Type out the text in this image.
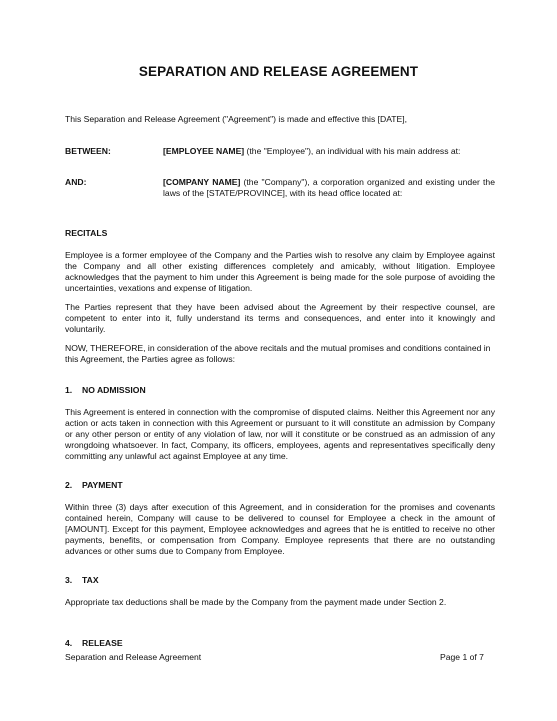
SEPARATION AND RELEASE AGREEMENT

This Separation and Release Agreement ("Agreement") is made and effective this [DATE],

BETWEEN:	[EMPLOYEE NAME] (the "Employee"), an individual with his main address at:

AND:	[COMPANY NAME] (the "Company"), a corporation organized and existing under the laws of the [STATE/PROVINCE], with its head office located at:

RECITALS

Employee is a former employee of the Company and the Parties wish to resolve any claim by Employee against the Company and all other existing differences completely and amicably, without litigation. Employee acknowledges that the payment to him under this Agreement is being made for the sole purpose of avoiding the uncertainties, vexations and expense of litigation.

The Parties represent that they have been advised about the Agreement by their respective counsel, are competent to enter into it, fully understand its terms and consequences, and enter into it knowingly and voluntarily.

NOW, THEREFORE, in consideration of the above recitals and the mutual promises and conditions contained in this Agreement, the Parties agree as follows:

1. NO ADMISSION

This Agreement is entered in connection with the compromise of disputed claims. Neither this Agreement nor any action or acts taken in connection with this Agreement or pursuant to it will constitute an admission by Company or any other person or entity of any violation of law, nor will it constitute or be construed as an admission of any wrongdoing whatsoever. In fact, Company, its officers, employees, agents and representatives specifically deny committing any unlawful act against Employee at any time.

2. PAYMENT

Within three (3) days after execution of this Agreement, and in consideration for the promises and covenants contained herein, Company will cause to be delivered to counsel for Employee a check in the amount of [AMOUNT]. Except for this payment, Employee acknowledges and agrees that he is entitled to receive no other payments, benefits, or compensation from Company. Employee represents that there are no outstanding advances or other sums due to Company from Employee.

3. TAX

Appropriate tax deductions shall be made by the Company from the payment made under Section 2.

4. RELEASE
Separation and Release Agreement	Page 1 of 7
